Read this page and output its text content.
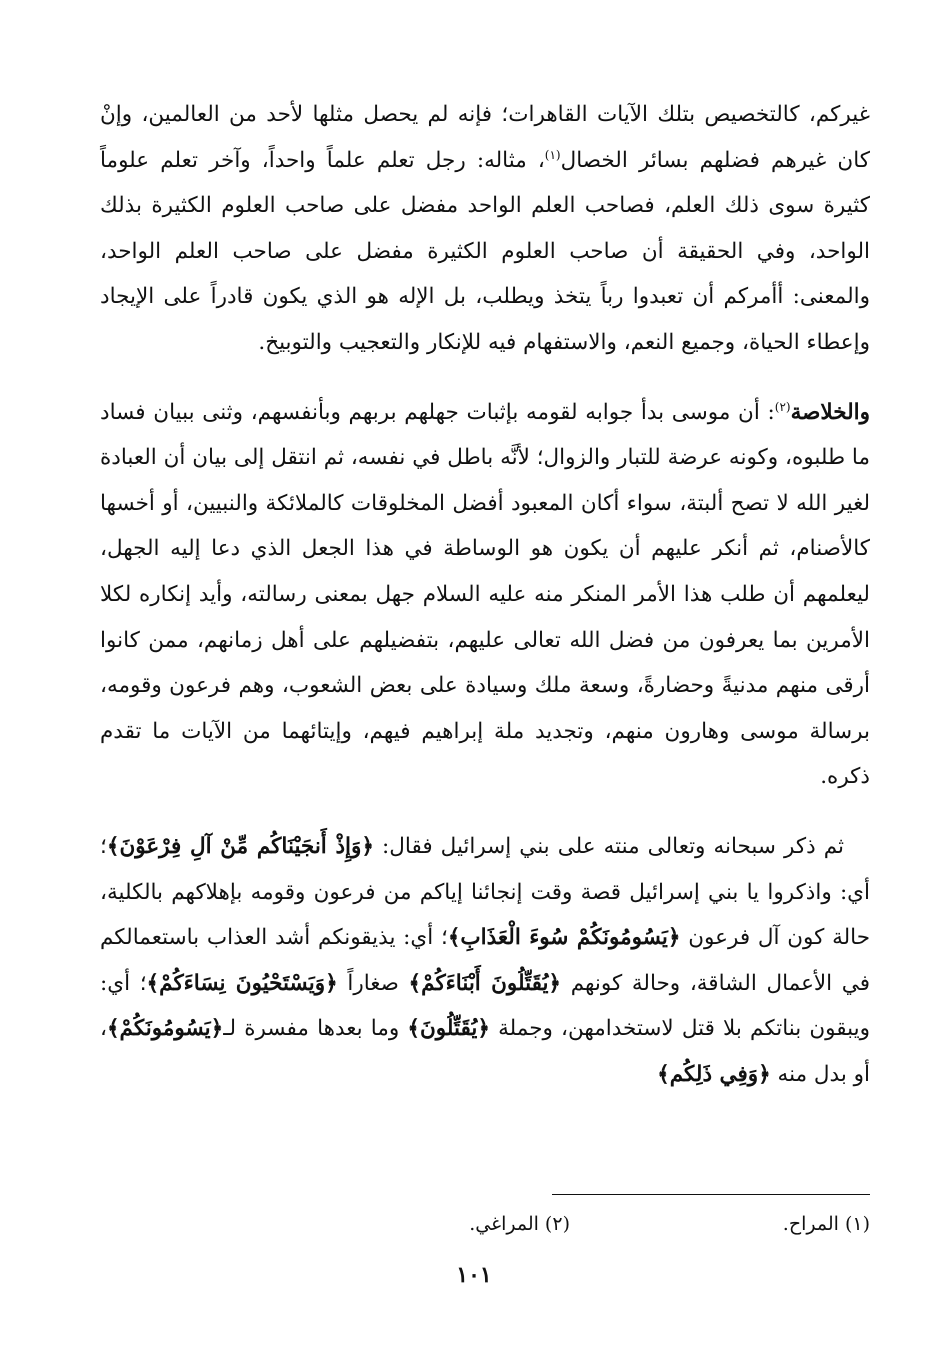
غيركم، كالتخصيص بتلك الآيات القاهرات؛ فإنه لم يحصل مثلها لأحد من العالمين، وإنْ كان غيرهم فضلهم بسائر الخصال$^{(١)}$، مثاله: رجل تعلم علماً واحداً، وآخر تعلم علوماً كثيرة سوى ذلك العلم، فصاحب العلم الواحد مفضل على صاحب العلوم الكثيرة بذلك الواحد، وفي الحقيقة أن صاحب العلوم الكثيرة مفضل على صاحب العلم الواحد، والمعنى: أأمركم أن تعبدوا رباً يتخذ ويطلب، بل الإله هو الذي يكون قادراً على الإيجاد وإعطاء الحياة، وجميع النعم، والاستفهام فيه للإنكار والتعجيب والتوبيخ.

والخلاصة$^{(٢)}$: أن موسى بدأ جوابه لقومه بإثبات جهلهم بربهم وبأنفسهم، وثنى ببيان فساد ما طلبوه، وكونه عرضة للتبار والزوال؛ لأنَّه باطل في نفسه، ثم انتقل إلى بيان أن العبادة لغير الله لا تصح ألبتة، سواء أكان المعبود أفضل المخلوقات كالملائكة والنبيين، أو أخسها كالأصنام، ثم أنكر عليهم أن يكون هو الوساطة في هذا الجعل الذي دعا إليه الجهل، ليعلمهم أن طلب هذا الأمر المنكر منه عليه السلام جهل بمعنى رسالته، وأيد إنكاره لكلا الأمرين بما يعرفون من فضل الله تعالى عليهم، بتفضيلهم على أهل زمانهم، ممن كانوا أرقى منهم مدنيةً وحضارةً، وسعة ملك وسيادة على بعض الشعوب، وهم فرعون وقومه، برسالة موسى وهارون منهم، وتجديد ملة إبراهيم فيهم، وإيتائهما من الآيات ما تقدم ذكره.

ثم ذكر سبحانه وتعالى منته على بني إسرائيل فقال: ﴿وَإِذْ أَنجَيْنَاكُم مِّنْ آلِ فِرْعَوْنَ﴾؛ أي: واذكروا يا بني إسرائيل قصة وقت إنجائنا إياكم من فرعون وقومه بإهلاكهم بالكلية، حالة كون آل فرعون ﴿يَسُومُونَكُمْ سُوءَ الْعَذَابِ﴾؛ أي: يذيقونكم أشد العذاب باستعمالكم في الأعمال الشاقة، وحالة كونهم ﴿يُقَتِّلُونَ أَبْنَاءَكُمْ﴾ صغاراً ﴿وَيَسْتَحْيُونَ نِسَاءَكُمْ﴾؛ أي: ويبقون بناتكم بلا قتل لاستخدامهن، وجملة ﴿يُقَتِّلُونَ﴾ وما بعدها مفسرة لـ﴿يَسُومُونَكُمْ﴾، أو بدل منه ﴿وَفِي ذَلِكُم﴾

(١) المراح.
(٢) المراغي.
١٠١
